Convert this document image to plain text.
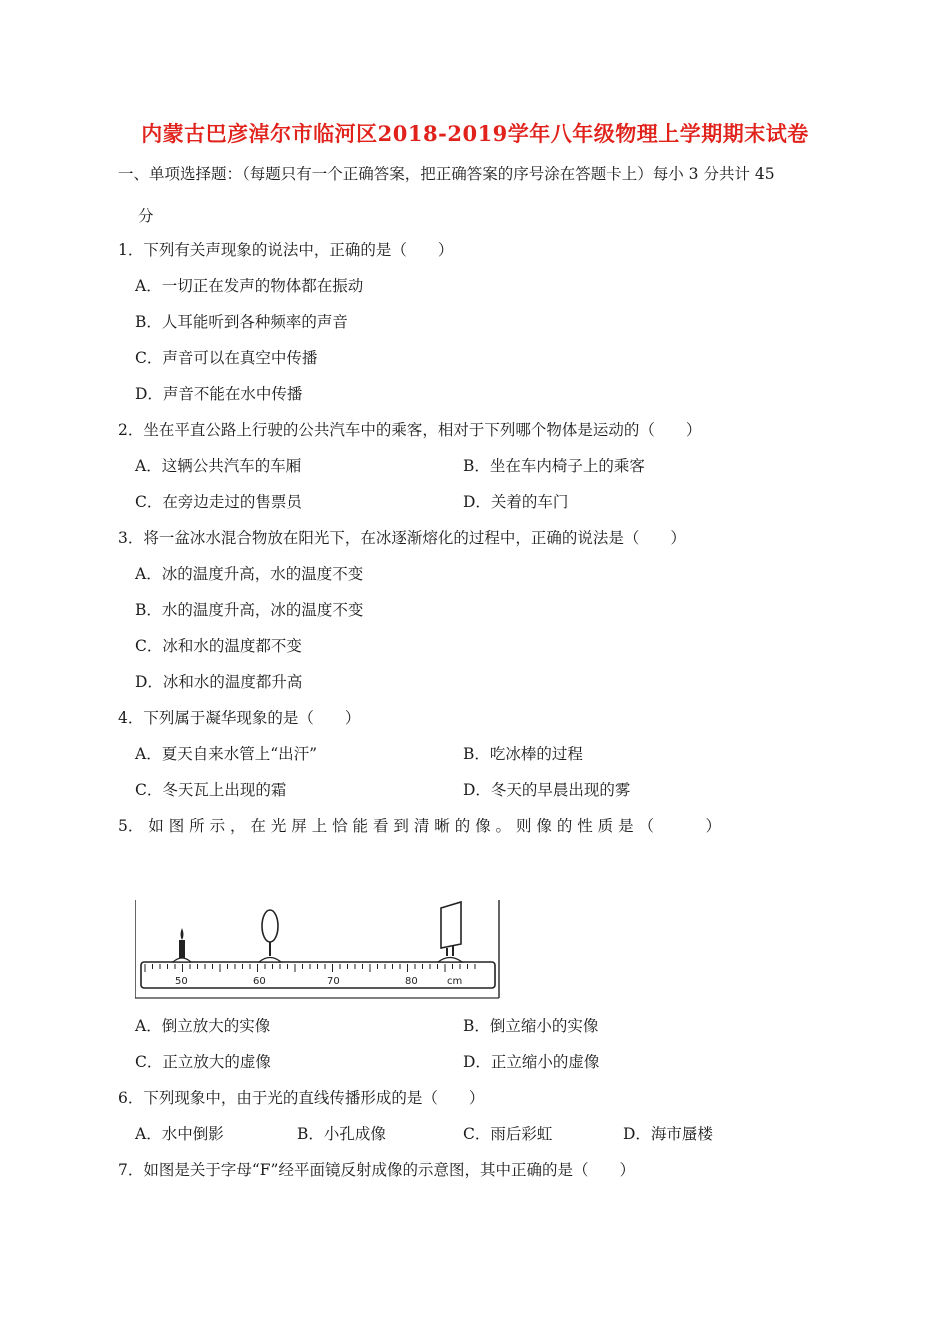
内蒙古巴彦淖尔市临河区2018-2019学年八年级物理上学期期末试卷
一、单项选择题：（每题只有一个正确答案，把正确答案的序号涂在答题卡上）每小 3 分共计 45
分
1．下列有关声现象的说法中，正确的是（　　）
A．一切正在发声的物体都在振动
B．人耳能听到各种频率的声音
C．声音可以在真空中传播
D．声音不能在水中传播
2．坐在平直公路上行驶的公共汽车中的乘客，相对于下列哪个物体是运动的（　　）
A．这辆公共汽车的车厢	B．坐在车内椅子上的乘客
C．在旁边走过的售票员	D．关着的车门
3．将一盆冰水混合物放在阳光下，在冰逐渐熔化的过程中，正确的说法是（　　）
A．冰的温度升高，水的温度不变
B．水的温度升高，冰的温度不变
C．冰和水的温度都不变
D．冰和水的温度都升高
4．下列属于凝华现象的是（　　）
A．夏天自来水管上“出汗”	B．吃冰棒的过程
C．冬天瓦上出现的霜	D．冬天的早晨出现的雾
5． 如 图 所 示 ， 在 光 屏 上 恰 能 看 到 清 晰 的 像 。 则 像 的 性 质 是 （　　　 ）
50	60	70	80	cm
A．倒立放大的实像	B．倒立缩小的实像
C．正立放大的虚像	D．正立缩小的虚像
6．下列现象中，由于光的直线传播形成的是（　　）
A．水中倒影	B．小孔成像	C．雨后彩虹	D．海市蜃楼
7．如图是关于字母“F”经平面镜反射成像的示意图，其中正确的是（　　）
